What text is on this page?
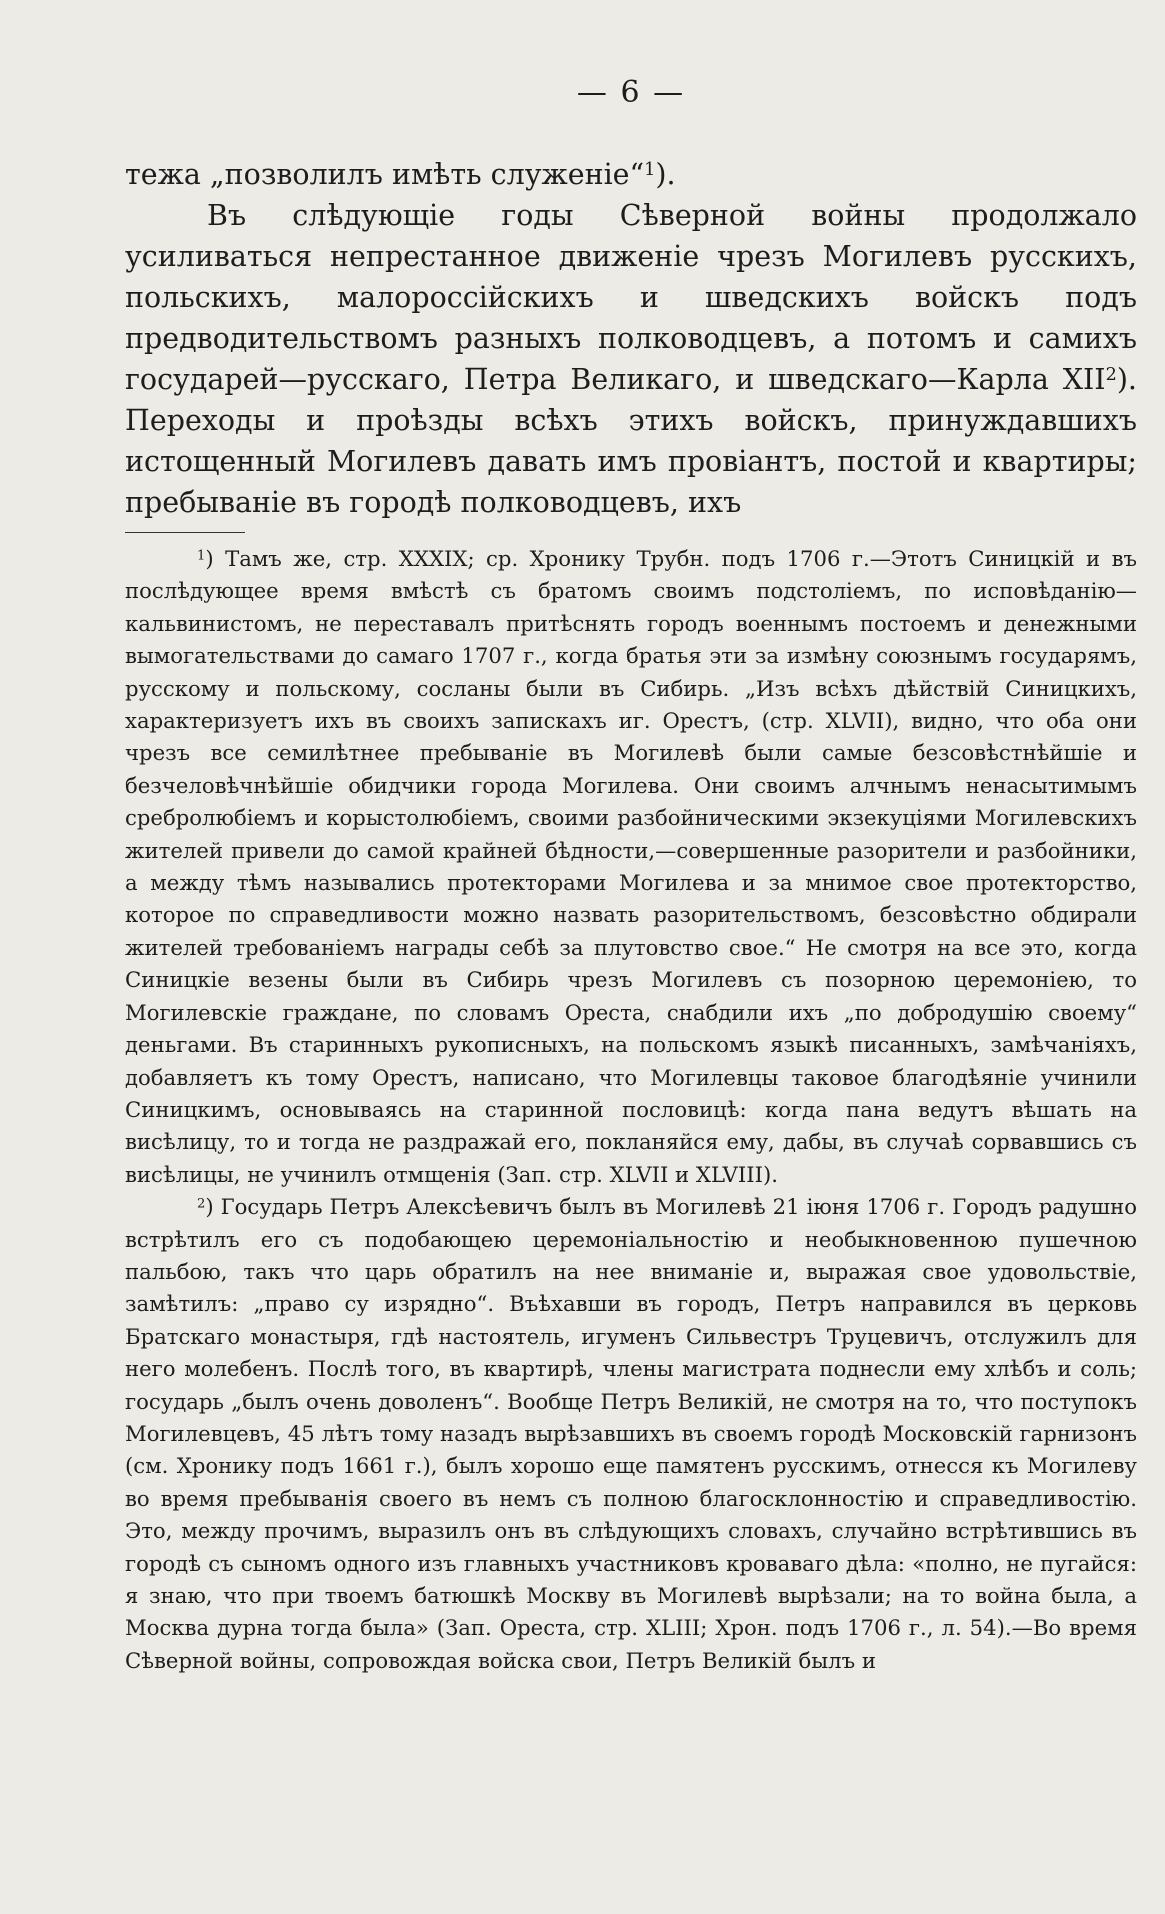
— 6 —

тежа „позволилъ имѣть служеніе“$^1$).

Въ слѣдующіе годы Сѣверной войны продолжало усиливаться непрестанное движеніе чрезъ Могилевъ русскихъ, польскихъ, малороссійскихъ и шведскихъ войскъ подъ предводительствомъ разныхъ полководцевъ, а потомъ и самихъ государей—русскаго, Петра Великаго, и шведскаго—Карла XII$^2$). Переходы и проѣзды всѣхъ этихъ войскъ, принуждавшихъ истощенный Могилевъ давать имъ провіантъ, постой и квартиры; пребываніе въ городѣ полководцевъ, ихъ

$^1$) Тамъ же, стр. XXXIX; ср. Хронику Трубн. подъ 1706 г.—Этотъ Синицкій и въ послѣдующее время вмѣстѣ съ братомъ своимъ подстоліемъ, по исповѣданію—кальвинистомъ, не переставалъ притѣснять городъ военнымъ постоемъ и денежными вымогательствами до самаго 1707 г., когда братья эти за измѣну союзнымъ государямъ, русскому и польскому, сосланы были въ Сибирь. „Изъ всѣхъ дѣйствій Синицкихъ, характеризуетъ ихъ въ своихъ запискахъ иг. Орестъ, (стр. XLVII), видно, что оба они чрезъ все семилѣтнее пребываніе въ Могилевѣ были самые безсовѣстнѣйшіе и безчеловѣчнѣйшіе обидчики города Могилева. Они своимъ алчнымъ ненасытимымъ сребролюбіемъ и корыстолюбіемъ, своими разбойническими экзекуціями Могилевскихъ жителей привели до самой крайней бѣдности,—совершенные разорители и разбойники, а между тѣмъ назывались протекторами Могилева и за мнимое свое протекторство, которое по справедливости можно назвать разорительствомъ, безсовѣстно обдирали жителей требованіемъ награды себѣ за плутовство свое.“ Не смотря на все это, когда Синицкіе везены были въ Сибирь чрезъ Могилевъ съ позорною церемоніею, то Могилевскіе граждане, по словамъ Ореста, снабдили ихъ „по добродушію своему“ деньгами. Въ старинныхъ рукописныхъ, на польскомъ языкѣ писанныхъ, замѣчаніяхъ, добавляетъ къ тому Орестъ, написано, что Могилевцы таковое благодѣяніе учинили Синицкимъ, основываясь на старинной пословицѣ: когда пана ведутъ вѣшать на висѣлицу, то и тогда не раздражай его, покланяйся ему, дабы, въ случаѣ сорвавшись съ висѣлицы, не учинилъ отмщенія (Зап. стр. XLVII и XLVIII).

$^2$) Государь Петръ Алексѣевичъ былъ въ Могилевѣ 21 іюня 1706 г. Городъ радушно встрѣтилъ его съ подобающею церемоніальностію и необыкновенною пушечною пальбою, такъ что царь обратилъ на нее вниманіе и, выражая свое удовольствіе, замѣтилъ: „право су изрядно“. Въѣхавши въ городъ, Петръ направился въ церковь Братскаго монастыря, гдѣ настоятель, игуменъ Сильвестръ Труцевичъ, отслужилъ для него молебенъ. Послѣ того, въ квартирѣ, члены магистрата поднесли ему хлѣбъ и соль; государь „былъ очень доволенъ“. Вообще Петръ Великій, не смотря на то, что поступокъ Могилевцевъ, 45 лѣтъ тому назадъ вырѣзавшихъ въ своемъ городѣ Московскій гарнизонъ (см. Хронику подъ 1661 г.), былъ хорошо еще памятенъ русскимъ, отнесся къ Могилеву во время пребыванія своего въ немъ съ полною благосклонностію и справедливостію. Это, между прочимъ, выразилъ онъ въ слѣдующихъ словахъ, случайно встрѣтившись въ городѣ съ сыномъ одного изъ главныхъ участниковъ кроваваго дѣла: «полно, не пугайся: я знаю, что при твоемъ батюшкѣ Москву въ Могилевѣ вырѣзали; на то война была, а Москва дурна тогда была» (Зап. Ореста, стр. XLIII; Хрон. подъ 1706 г., л. 54).—Во время Сѣверной войны, сопровождая войска свои, Петръ Великій былъ и
